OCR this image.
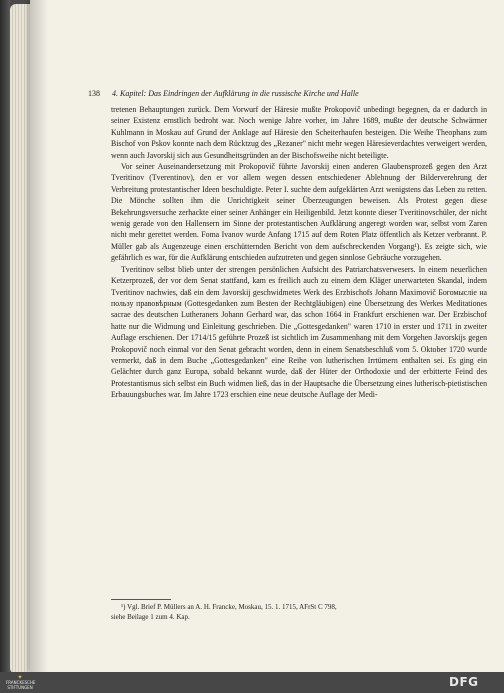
138 4. Kapitel: Das Eindringen der Aufklärung in die russische Kirche und Halle

tretenen Behauptungen zurück. Dem Vorwurf der Häresie mußte Prokopovič unbedingt begegnen, da er dadurch in seiner Existenz ernstlich bedroht war. Noch wenige Jahre vorher, im Jahre 1689, mußte der deutsche Schwärmer Kuhlmann in Moskau auf Grund der Anklage auf Häresie den Scheiterhaufen besteigen. Die Weihe Theophans zum Bischof von Pskov konnte nach dem Rücktzug des „Rezaner" nicht mehr wegen Häresieverdachtes verweigert werden, wenn auch Javorskij sich aus Gesundheitsgründen an der Bischofsweihe nicht beteiligte.

Vor seiner Auseinandersetzung mit Prokopovič führte Javorskij einen anderen Glaubensprozeß gegen den Arzt Tveritinov (Tverentinov), den er vor allem wegen dessen entschiedener Ablehnung der Bilderverehrung der Verbreitung protestantischer Ideen beschuldigte. Peter I. suchte dem aufgeklärten Arzt wenigstens das Leben zu retten. Die Mönche sollten ihm die Unrichtigkeit seiner Überzeugungen beweisen. Als Protest gegen diese Bekehrungsversuche zerhackte einer seiner Anhänger ein Heiligenbild. Jetzt konnte dieser Tveritinovschüler, der nicht wenig gerade von den Hallensern im Sinne der protestantischen Aufklärung angeregt worden war, selbst vom Zaren nicht mehr gerettet werden. Foma Ivanov wurde Anfang 1715 auf dem Roten Platz öffentlich als Ketzer verbrannt. P. Müller gab als Augenzeuge einen erschütternden Bericht von dem aufschreckenden Vorgang¹). Es zeigte sich, wie gefährlich es war, für die Aufklärung entschieden aufzutreten und gegen sinnlose Gebräuche vorzugehen.

Tveritinov selbst blieb unter der strengen persönlichen Aufsicht des Patriarchatsverwesers. In einem neuerlichen Ketzerprozeß, der vor dem Senat stattfand, kam es freilich auch zu einem dem Kläger unerwarteten Skandal, indem Tveritinov nachwies, daß ein dem Javorskij geschwidmetes Werk des Erzbischofs Johann Maximovič Богомысліе на пользу правовѣрным (Gottesgedanken zum Besten der Rechtgläubigen) eine Übersetzung des Werkes Meditationes sacrae des deutschen Lutheraners Johann Gerhard war, das schon 1664 in Frankfurt erschienen war. Der Erzbischof hatte nur die Widmung und Einleitung geschrieben. Die „Gottesgedanken" waren 1710 in erster und 1711 in zweiter Auflage erschienen. Der 1714/15 geführte Prozeß ist sichtlich im Zusammenhang mit dem Vorgehen Javorskijs gegen Prokopovič noch einmal vor den Senat gebracht worden, denn in einem Senatsbeschluß vom 5. Oktober 1720 wurde vermerkt, daß in dem Buche „Gottesgedanken" eine Reihe von lutherischen Irrtümern enthalten sei. Es ging ein Gelächter durch ganz Europa, sobald bekannt wurde, daß der Hüter der Orthodoxie und der erbitterte Feind des Protestantismus sich selbst ein Buch widmen ließ, das in der Hauptsache die Übersetzung eines lutherisch-pietistischen Erbauungsbuches war. Im Jahre 1723 erschien eine neue deutsche Auflage der Medi-

¹) Vgl. Brief P. Müllers an A. H. Francke, Moskau, 15. 1. 1715, AFrSt C 798,
siehe Beilage 1 zum 4. Kap.
✦
FRANCKESCHE STIFTUNGEN	DFG
